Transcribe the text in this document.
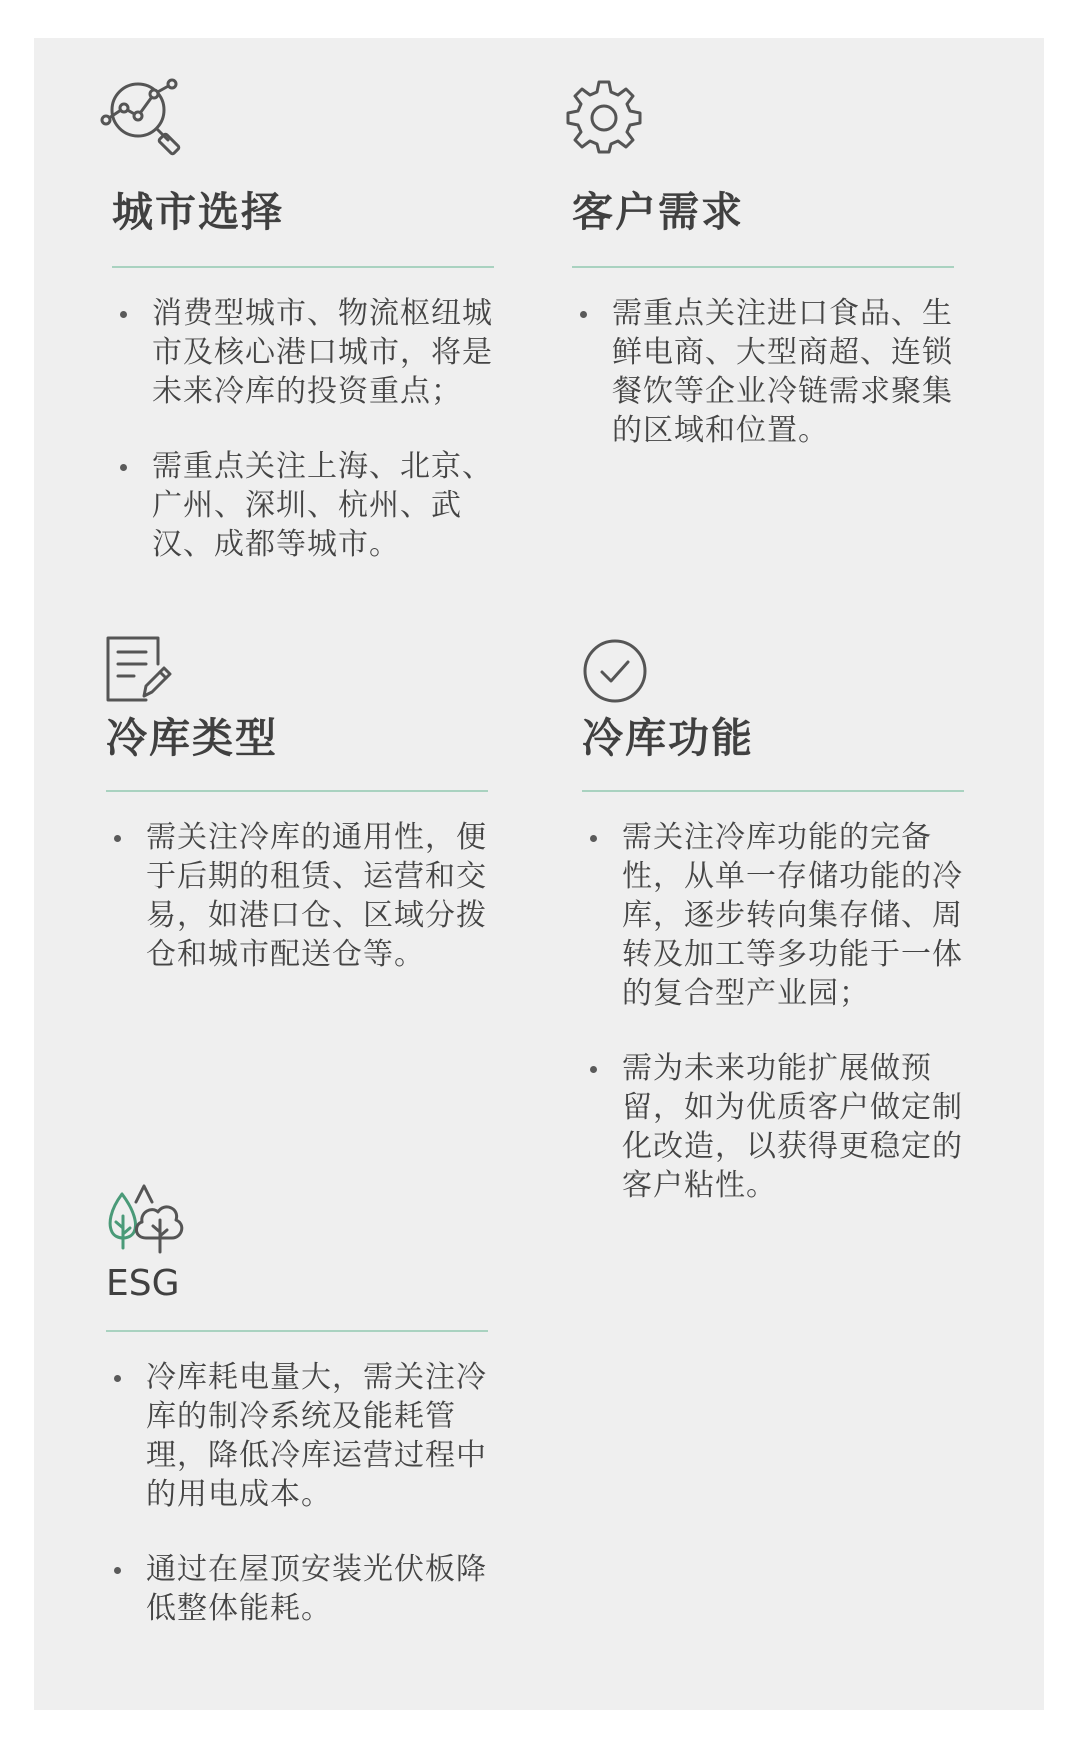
城市选择
消费型城市、物流枢纽城市及核心港口城市，将是未来冷库的投资重点；
需重点关注上海、北京、广州、深圳、杭州、武汉、成都等城市。
客户需求
需重点关注进口食品、生鲜电商、大型商超、连锁餐饮等企业冷链需求聚集的区域和位置。
冷库类型
需关注冷库的通用性，便于后期的租赁、运营和交易，如港口仓、区域分拨仓和城市配送仓等。
冷库功能
需关注冷库功能的完备性，从单一存储功能的冷库，逐步转向集存储、周转及加工等多功能于一体的复合型产业园；
需为未来功能扩展做预留，如为优质客户做定制化改造，以获得更稳定的客户粘性。
ESG
冷库耗电量大，需关注冷库的制冷系统及能耗管理，降低冷库运营过程中的用电成本。
通过在屋顶安装光伏板降低整体能耗。
